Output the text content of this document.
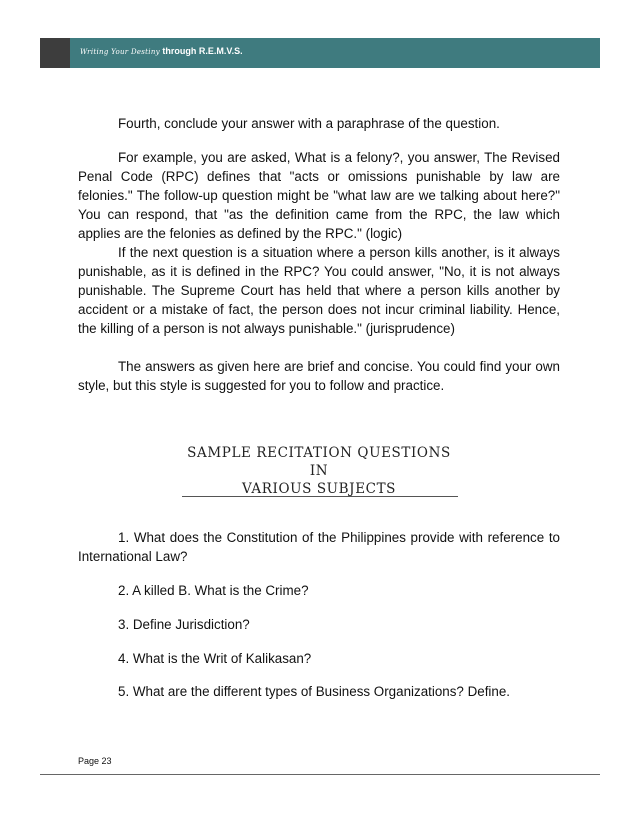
Writing Your Destiny through R.E.M.V.S.

Fourth, conclude your answer with a paraphrase of the question.

For example, you are asked, What is a felony?, you answer, The Revised Penal Code (RPC) defines that "acts or omissions punishable by law are felonies." The follow-up question might be "what law are we talking about here?" You can respond, that "as the definition came from the RPC, the law which applies are the felonies as defined by the RPC." (logic)

If the next question is a situation where a person kills another, is it always punishable, as it is defined in the RPC? You could answer, "No, it is not always punishable. The Supreme Court has held that where a person kills another by accident or a mistake of fact, the person does not incur criminal liability. Hence, the killing of a person is not always punishable." (jurisprudence)

The answers as given here are brief and concise. You could find your own style, but this style is suggested for you to follow and practice.

SAMPLE RECITATION QUESTIONS
IN
VARIOUS SUBJECTS

1. What does the Constitution of the Philippines provide with reference to International Law?

2. A killed B. What is the Crime?

3. Define Jurisdiction?

4. What is the Writ of Kalikasan?

5. What are the different types of Business Organizations? Define.

Page 23
